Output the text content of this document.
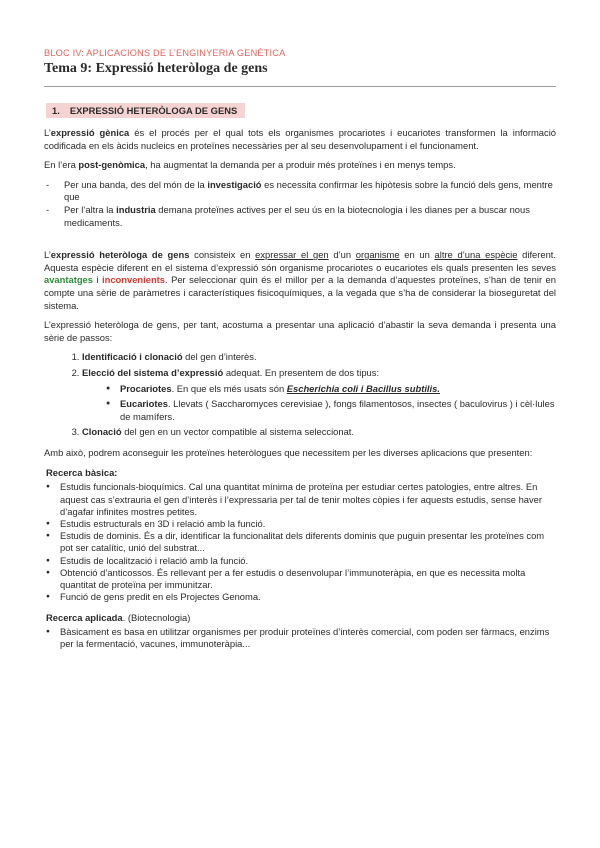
BLOC IV: APLICACIONS DE L’ENGINYERIA GENÈTICA
Tema 9: Expressió heteròloga de gens
1. EXPRESSIÓ HETERÒLOGA DE GENS

L’expressió gènica és el procés per el qual tots els organismes procariotes i eucariotes transformen la informació codificada en els àcids nucleics en proteïnes necessàries per al seu desenvolupament i el funcionament.

En l’era post-genòmica, ha augmentat la demanda per a produir més proteïnes i en menys temps.

- Per una banda, des del món de la investigació es necessita confirmar les hipòtesis sobre la funció dels gens, mentre que
- Per l’altra la industria demana proteïnes actives per el seu ús en la biotecnologia i les dianes per a buscar nous medicaments.

L’expressió heteròloga de gens consisteix en expressar el gen d’un organisme en un altre d’una espècie diferent. Aquesta espècie diferent en el sistema d’expressió són organisme procariotes o eucariotes els quals presenten les seves avantatges i inconvenients. Per seleccionar quin és el millor per a la demanda d’aquestes proteïnes, s’han de tenir en compte una sèrie de paràmetres i característiques fisicoquímiques, a la vegada que s’ha de considerar la bioseguretat del sistema.

L’expressió heteròloga de gens, per tant, acostuma a presentar una aplicació d’abastir la seva demanda i presenta una sèrie de passos:

1. Identificació i clonació del gen d’interès.
2. Elecció del sistema d’expressió adequat. En presentem de dos tipus:
● Procariotes. En que els més usats són Escherichia coli i Bacillus subtilis.
● Eucariotes. Llevats ( Saccharomyces cerevisiae ), fongs filamentosos, insectes ( baculovirus ) i cèl·lules de mamífers.
3. Clonació del gen en un vector compatible al sistema seleccionat.

Amb això, podrem aconseguir les proteïnes heteròlogues que necessitem per les diverses aplicacions que presenten:

Recerca bàsica:
● Estudis funcionals-bioquímics. Cal una quantitat mínima de proteïna per estudiar certes patologies, entre altres. En aquest cas s’extrauria el gen d’interès i l’expressaria per tal de tenir moltes còpies i fer aquests estudis, sense haver d’agafar infinites mostres petites.
● Estudis estructurals en 3D i relació amb la funció.
● Estudis de dominis. És a dir, identificar la funcionalitat dels diferents dominis que puguin presentar les proteïnes com pot ser catalític, unió del substrat...
● Estudis de localització i relació amb la funció.
● Obtenció d’anticossos. És rellevant per a fer estudis o desenvolupar l’immunoteràpia, en que es necessita molta quantitat de proteïna per immunitzar.
● Funció de gens predit en els Projectes Genoma.
Recerca aplicada. (Biotecnologia)
● Bàsicament es basa en utilitzar organismes per produir proteïnes d’interès comercial, com poden ser fàrmacs, enzims per la fermentació, vacunes, immunoteràpia...
